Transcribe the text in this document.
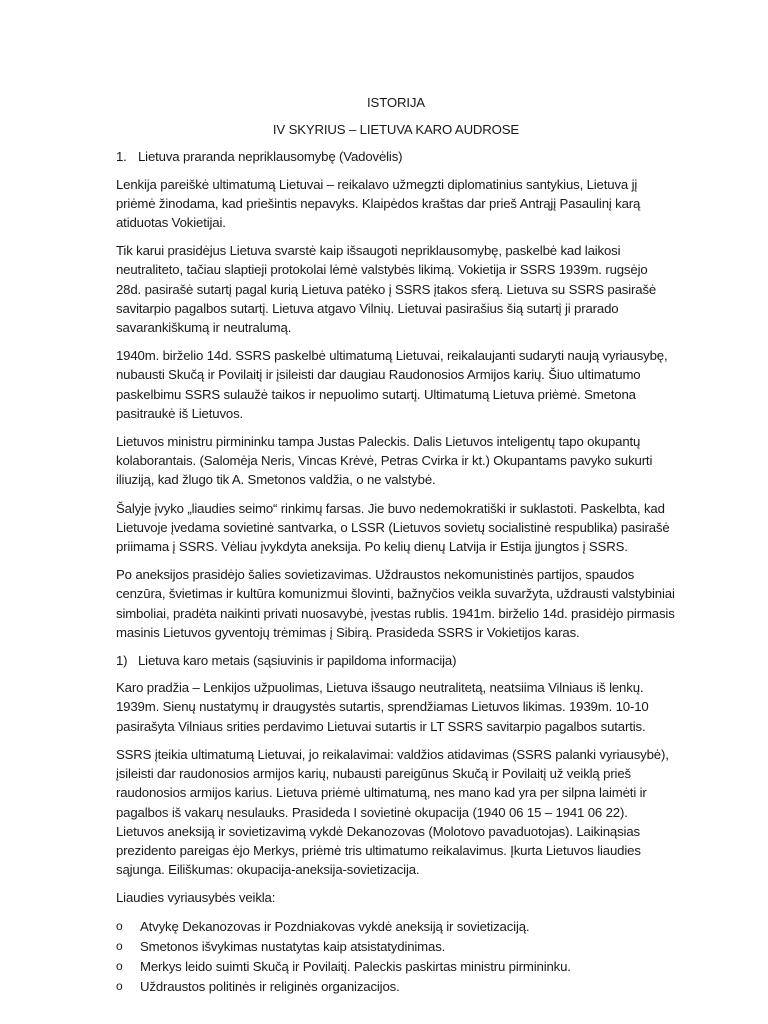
ISTORIJA
IV SKYRIUS – LIETUVA KARO AUDROSE
1. Lietuva praranda nepriklausomybę (Vadovėlis)

Lenkija pareiškė ultimatumą Lietuvai – reikalavo užmegzti diplomatinius santykius, Lietuva jį priėmė žinodama, kad priešintis nepavyks. Klaipėdos kraštas dar prieš Antrąjį Pasaulinį karą atiduotas Vokietijai.

Tik karui prasidėjus Lietuva svarstė kaip išsaugoti nepriklausomybę, paskelbė kad laikosi neutraliteto, tačiau slaptieji protokolai lėmė valstybės likimą. Vokietija ir SSRS 1939m. rugsėjo 28d. pasirašė sutartį pagal kurią Lietuva patėko į SSRS įtakos sferą. Lietuva su SSRS pasirašė savitarpio pagalbos sutartį. Lietuva atgavo Vilnių. Lietuvai pasirašius šią sutartį ji prarado savarankiškumą ir neutralumą.

1940m. birželio 14d. SSRS paskelbė ultimatumą Lietuvai, reikalaujanti sudaryti naują vyriausybę, nubausti Skučą ir Povilaitį ir įsileisti dar daugiau Raudonosios Armijos karių. Šiuo ultimatumo paskelbimu SSRS sulaužė taikos ir nepuolimo sutartį. Ultimatumą Lietuva priėmė. Smetona pasitraukė iš Lietuvos.

Lietuvos ministru pirmininku tampa Justas Paleckis. Dalis Lietuvos inteligentų tapo okupantų kolaborantais. (Salomėja Neris, Vincas Krėvė, Petras Cvirka ir kt.) Okupantams pavyko sukurti iliuziją, kad žlugo tik A. Smetonos valdžia, o ne valstybė.

Šalyje įvyko „liaudies seimo“ rinkimų farsas. Jie buvo nedemokratiški ir suklastoti. Paskelbta, kad Lietuvoje įvedama sovietinė santvarka, o LSSR (Lietuvos sovietų socialistinė respublika) pasirašė priimama į SSRS. Vėliau įvykdyta aneksija. Po kelių dienų Latvija ir Estija įjungtos į SSRS.

Po aneksijos prasidėjo šalies sovietizavimas. Uždraustos nekomunistinės partijos, spaudos cenzūra, švietimas ir kultūra komunizmui šlovinti, bažnyčios veikla suvaržyta, uždrausti valstybiniai simboliai, pradėta naikinti privati nuosavybė, įvestas rublis. 1941m. birželio 14d. prasidėjo pirmasis masinis Lietuvos gyventojų trėmimas į Sibirą. Prasideda SSRS ir Vokietijos karas.

1) Lietuva karo metais (sąsiuvinis ir papildoma informacija)

Karo pradžia – Lenkijos užpuolimas, Lietuva išsaugo neutralitetą, neatsiima Vilniaus iš lenkų. 1939m. Sienų nustatymų ir draugystės sutartis, sprendžiamas Lietuvos likimas. 1939m. 10-10 pasirašyta Vilniaus srities perdavimo Lietuvai sutartis ir LT SSRS savitarpio pagalbos sutartis.

SSRS įteikia ultimatumą Lietuvai, jo reikalavimai: valdžios atidavimas (SSRS palanki vyriausybė), įsileisti dar raudonosios armijos karių, nubausti pareigūnus Skučą ir Povilaitį už veiklą prieš raudonosios armijos karius. Lietuva priėmė ultimatumą, nes mano kad yra per silpna laimėti ir pagalbos iš vakarų nesulauks. Prasideda I sovietinė okupacija (1940 06 15 – 1941 06 22). Lietuvos aneksiją ir sovietizavimą vykdė Dekanozovas (Molotovo pavaduotojas). Laikinąsias prezidento pareigas ėjo Merkys, priėmė tris ultimatumo reikalavimus. Įkurta Lietuvos liaudies sąjunga. Eiliškumas: okupacija-aneksija-sovietizacija.

Liaudies vyriausybės veikla:

o	Atvykę Dekanozovas ir Pozdniakovas vykdė aneksiją ir sovietizaciją.
o	Smetonos išvykimas nustatytas kaip atsistatydinimas.
o	Merkys leido suimti Skučą ir Povilaitį. Paleckis paskirtas ministru pirmininku.
o	Uždraustos politinės ir religinės organizacijos.
